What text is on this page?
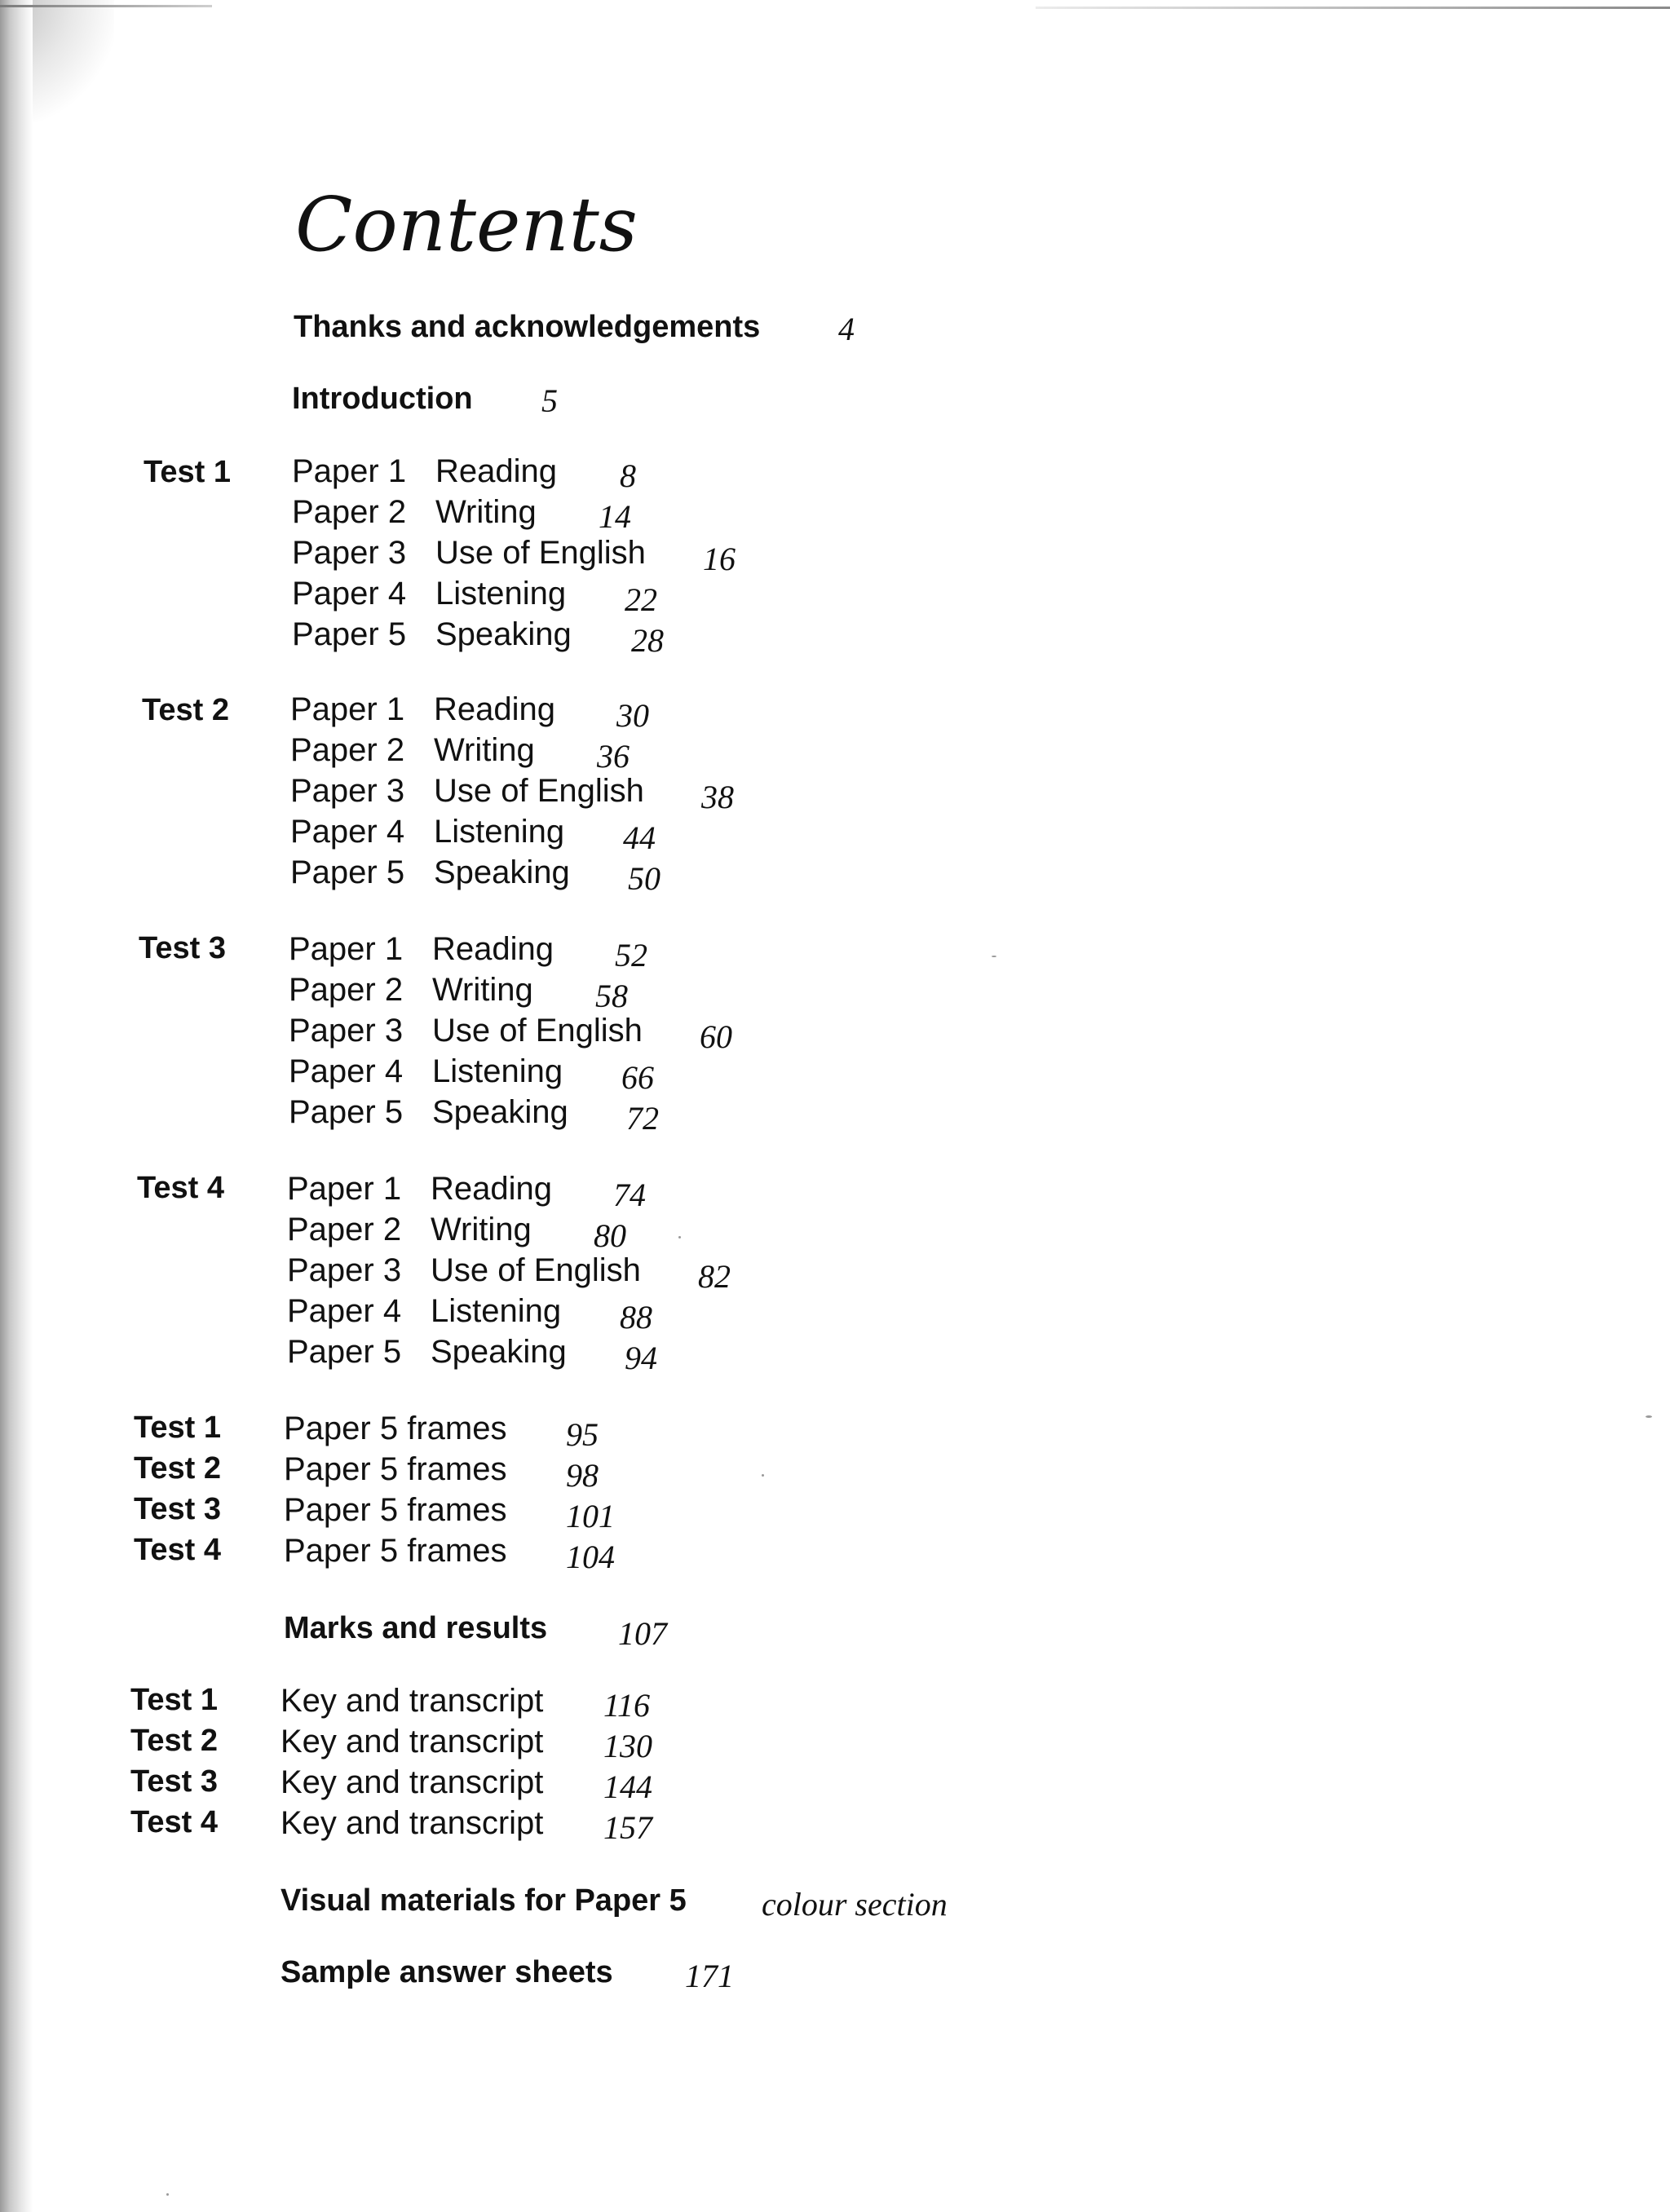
Contents
Thanks and acknowledgements 4
Introduction 5
Test 1 Paper 1 Reading 8
Paper 2 Writing 14
Paper 3 Use of English 16
Paper 4 Listening 22
Paper 5 Speaking 28
Test 2 Paper 1 Reading 30
Paper 2 Writing 36
Paper 3 Use of English 38
Paper 4 Listening 44
Paper 5 Speaking 50
Test 3 Paper 1 Reading 52
Paper 2 Writing 58
Paper 3 Use of English 60
Paper 4 Listening 66
Paper 5 Speaking 72
Test 4 Paper 1 Reading 74
Paper 2 Writing 80
Paper 3 Use of English 82
Paper 4 Listening 88
Paper 5 Speaking 94
Test 1 Paper 5 frames 95
Test 2 Paper 5 frames 98
Test 3 Paper 5 frames 101
Test 4 Paper 5 frames 104
Marks and results 107
Test 1 Key and transcript 116
Test 2 Key and transcript 130
Test 3 Key and transcript 144
Test 4 Key and transcript 157
Visual materials for Paper 5 colour section
Sample answer sheets 171
